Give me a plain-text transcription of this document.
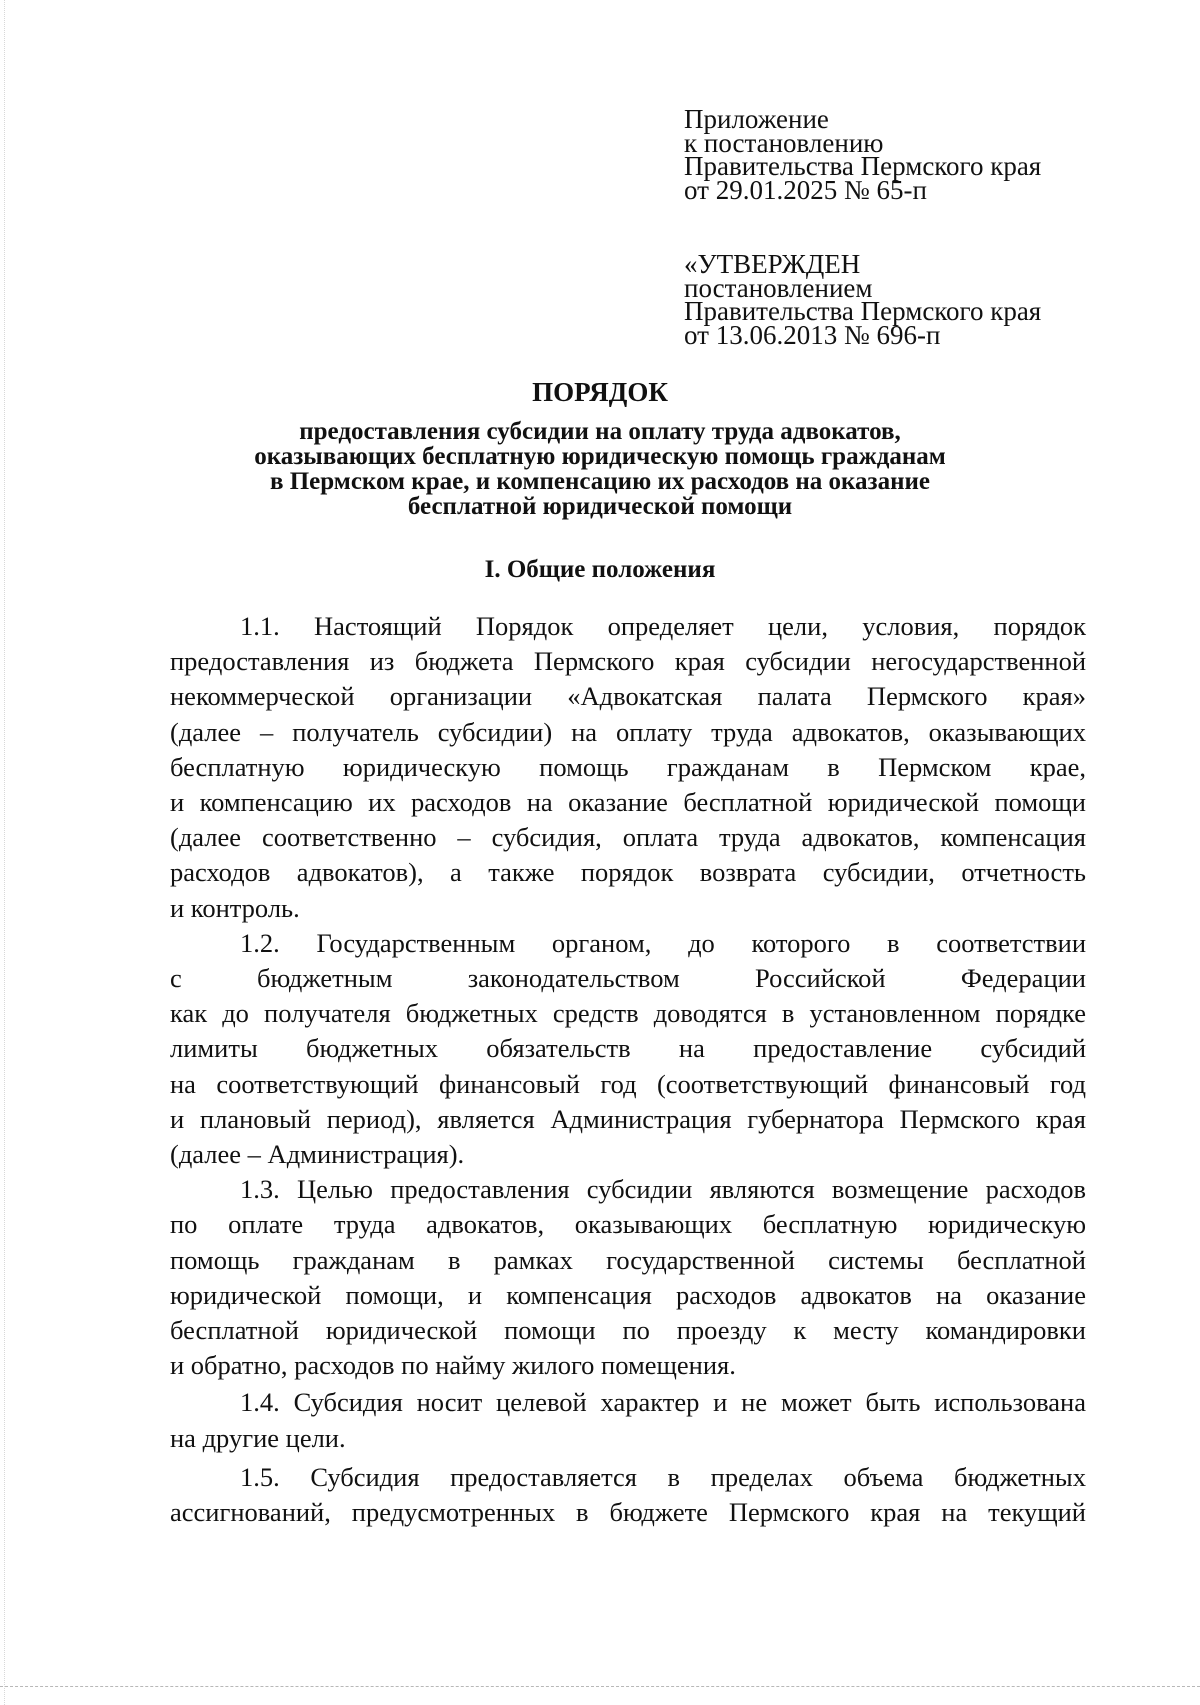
Приложение
к постановлению
Правительства Пермского края
от 29.01.2025 № 65-п
«УТВЕРЖДЕН
постановлением
Правительства Пермского края
от 13.06.2013 № 696-п
ПОРЯДОК
предоставления субсидии на оплату труда адвокатов,
оказывающих бесплатную юридическую помощь гражданам
в Пермском крае, и компенсацию их расходов на оказание
бесплатной юридической помощи
I. Общие положения
1.1. Настоящий Порядок определяет цели, условия, порядок
предоставления из бюджета Пермского края субсидии негосударственной
некоммерческой организации «Адвокатская палата Пермского края»
(далее – получатель субсидии) на оплату труда адвокатов, оказывающих
бесплатную юридическую помощь гражданам в Пермском крае,
и компенсацию их расходов на оказание бесплатной юридической помощи
(далее соответственно – субсидия, оплата труда адвокатов, компенсация
расходов адвокатов), а также порядок возврата субсидии, отчетность
и контроль.
1.2. Государственным органом, до которого в соответствии
с бюджетным законодательством Российской Федерации
как до получателя бюджетных средств доводятся в установленном порядке
лимиты бюджетных обязательств на предоставление субсидий
на соответствующий финансовый год (соответствующий финансовый год
и плановый период), является Администрация губернатора Пермского края
(далее – Администрация).
1.3. Целью предоставления субсидии являются возмещение расходов
по оплате труда адвокатов, оказывающих бесплатную юридическую
помощь гражданам в рамках государственной системы бесплатной
юридической помощи, и компенсация расходов адвокатов на оказание
бесплатной юридической помощи по проезду к месту командировки
и обратно, расходов по найму жилого помещения.
1.4. Субсидия носит целевой характер и не может быть использована
на другие цели.
1.5. Субсидия предоставляется в пределах объема бюджетных
ассигнований, предусмотренных в бюджете Пермского края на текущий
